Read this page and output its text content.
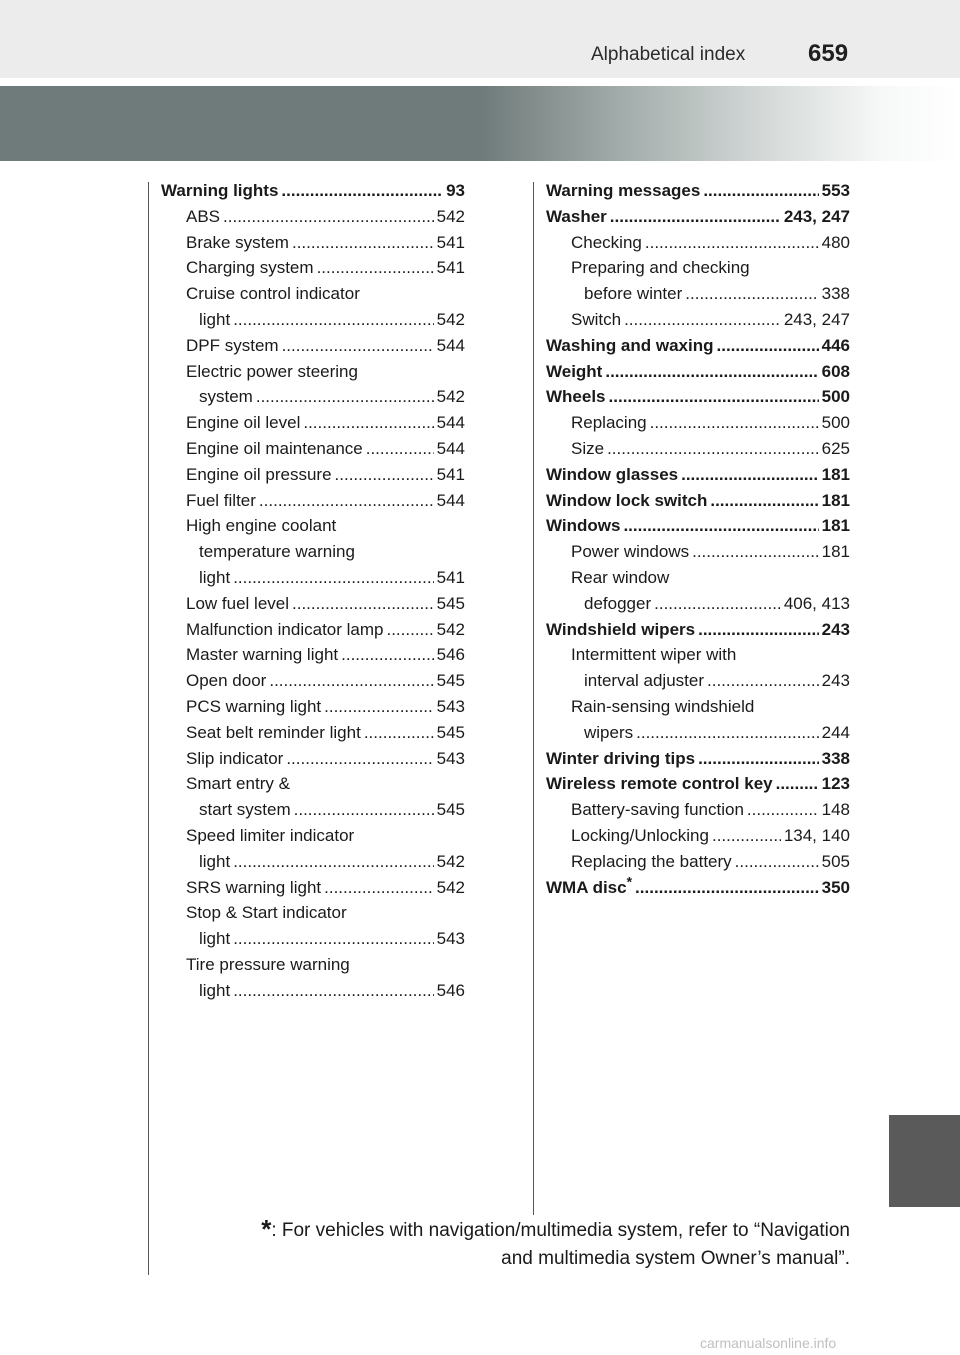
Alphabetical index	659
Warning lights .....	93
ABS .....	542
Brake system .....	541
Charging system .....	541
Cruise control indicator
light .....	542
DPF system .....	544
Electric power steering
system .....	542
Engine oil level .....	544
Engine oil maintenance .....	544
Engine oil pressure .....	541
Fuel filter .....	544
High engine coolant
temperature warning
light .....	541
Low fuel level .....	545
Malfunction indicator lamp .....	542
Master warning light .....	546
Open door .....	545
PCS warning light .....	543
Seat belt reminder light .....	545
Slip indicator .....	543
Smart entry &
start system .....	545
Speed limiter indicator
light .....	542
SRS warning light .....	542
Stop & Start indicator
light .....	543
Tire pressure warning
light .....	546
Warning messages .....	553
Washer .....	243, 247
Checking .....	480
Preparing and checking
before winter .....	338
Switch .....	243, 247
Washing and waxing .....	446
Weight .....	608
Wheels .....	500
Replacing .....	500
Size .....	625
Window glasses .....	181
Window lock switch .....	181
Windows .....	181
Power windows .....	181
Rear window
defogger .....	406, 413
Windshield wipers .....	243
Intermittent wiper with
interval adjuster .....	243
Rain-sensing windshield
wipers .....	244
Winter driving tips .....	338
Wireless remote control key .....	123
Battery-saving function .....	148
Locking/Unlocking .....	134, 140
Replacing the battery .....	505
WMA disc* .....	350
*: For vehicles with navigation/multimedia system, refer to “Navigation
and multimedia system Owner’s manual”.
carmanualsonline.info
